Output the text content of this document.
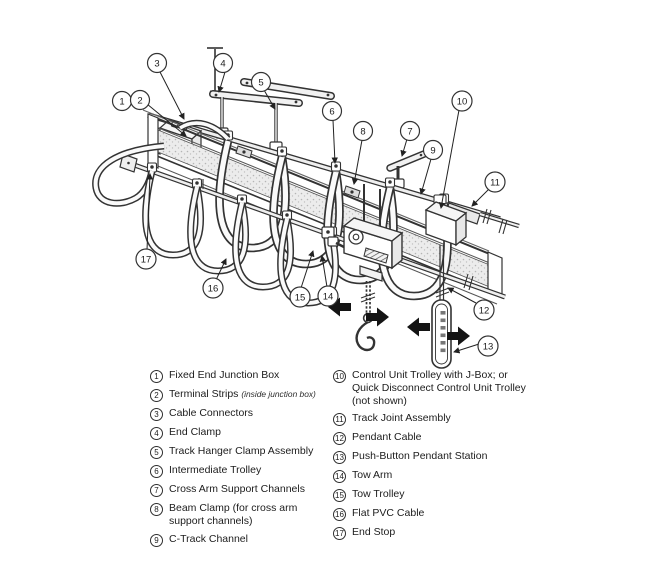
1 2
3	4
5
6
7
8
9
10
11
12
13
14
15
16
17
1 Fixed End Junction Box
2 Terminal Strips (inside junction box)
3 Cable Connectors
4 End Clamp
5 Track Hanger Clamp Assembly
6 Intermediate Trolley
7 Cross Arm Support Channels
8 Beam Clamp (for cross arm support channels)
9 C-Track Channel
10 Control Unit Trolley with J-Box; or Quick Disconnect Control Unit Trolley (not shown)
11 Track Joint Assembly
12 Pendant Cable
13 Push-Button Pendant Station
14 Tow Arm
15 Tow Trolley
16 Flat PVC Cable
17 End Stop
